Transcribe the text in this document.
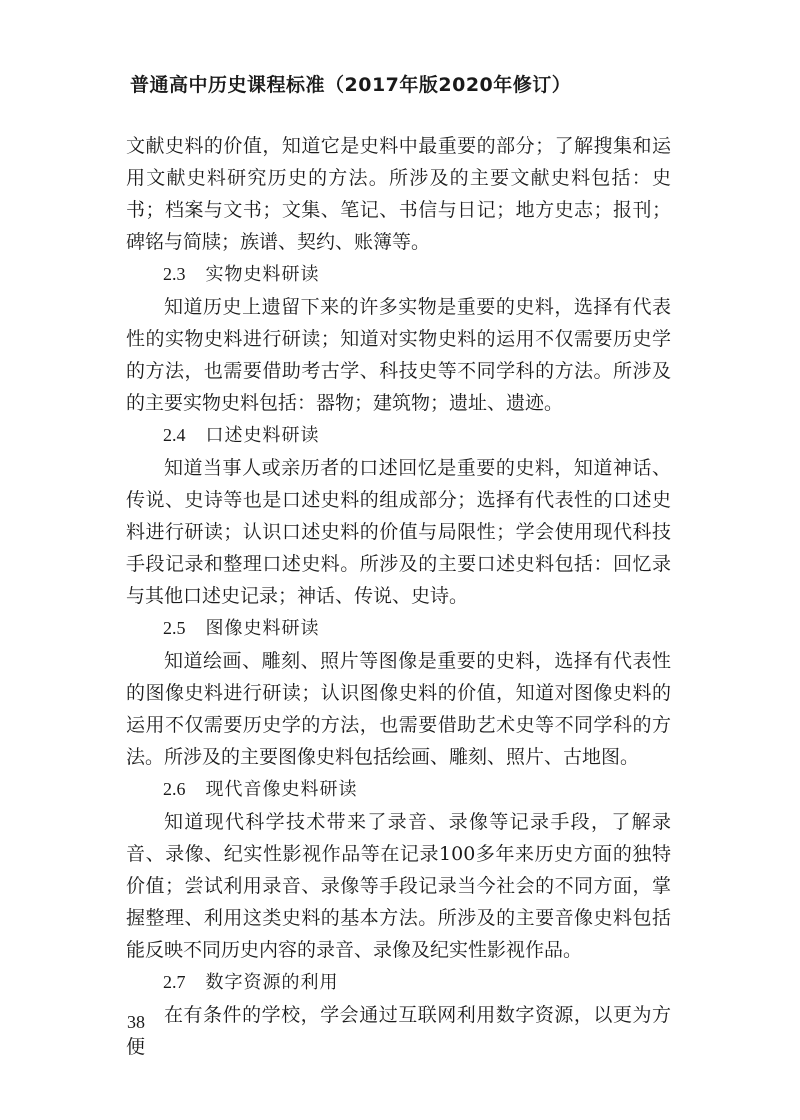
普通高中历史课程标准（2017年版2020年修订）

文献史料的价值，知道它是史料中最重要的部分；了解搜集和运用文献史料研究历史的方法。所涉及的主要文献史料包括：史书；档案与文书；文集、笔记、书信与日记；地方史志；报刊；碑铭与简牍；族谱、契约、账簿等。

2.3 实物史料研读

知道历史上遗留下来的许多实物是重要的史料，选择有代表性的实物史料进行研读；知道对实物史料的运用不仅需要历史学的方法，也需要借助考古学、科技史等不同学科的方法。所涉及的主要实物史料包括：器物；建筑物；遗址、遗迹。

2.4 口述史料研读

知道当事人或亲历者的口述回忆是重要的史料，知道神话、传说、史诗等也是口述史料的组成部分；选择有代表性的口述史料进行研读；认识口述史料的价值与局限性；学会使用现代科技手段记录和整理口述史料。所涉及的主要口述史料包括：回忆录与其他口述史记录；神话、传说、史诗。

2.5 图像史料研读

知道绘画、雕刻、照片等图像是重要的史料，选择有代表性的图像史料进行研读；认识图像史料的价值，知道对图像史料的运用不仅需要历史学的方法，也需要借助艺术史等不同学科的方法。所涉及的主要图像史料包括绘画、雕刻、照片、古地图。

2.6 现代音像史料研读

知道现代科学技术带来了录音、录像等记录手段，了解录音、录像、纪实性影视作品等在记录100多年来历史方面的独特价值；尝试利用录音、录像等手段记录当今社会的不同方面，掌握整理、利用这类史料的基本方法。所涉及的主要音像史料包括能反映不同历史内容的录音、录像及纪实性影视作品。

2.7 数字资源的利用

在有条件的学校，学会通过互联网利用数字资源，以更为方便

38
